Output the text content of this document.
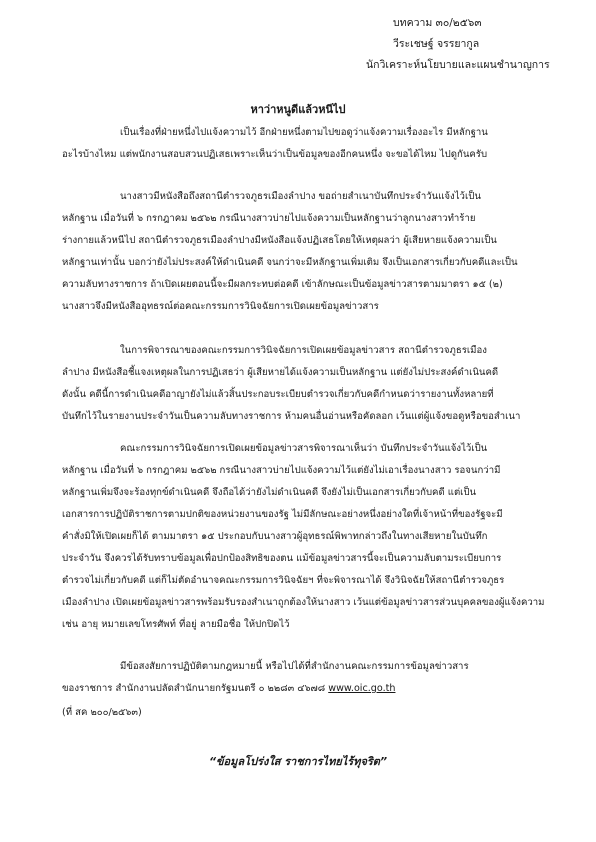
บทความ ๓๐/๒๕๖๓
วีระเชษฐ์ จรรยากูล
นักวิเคราะห์นโยบายและแผนชำนาญการ
หาว่าหนูดีแล้วหนีไป
เป็นเรื่องที่ฝ่ายหนึ่งไปแจ้งความไว้ อีกฝ่ายหนึ่งตามไปขอดูว่าแจ้งความเรื่องอะไร มีหลักฐาน
อะไรบ้างไหม แต่พนักงานสอบสวนปฏิเสธเพราะเห็นว่าเป็นข้อมูลของอีกคนหนึ่ง จะขอได้ไหม ไปดูกันครับ
นางสาวมีหนังสือถึงสถานีตำรวจภูธรเมืองลำปาง ขอถ่ายสำเนาบันทึกประจำวันแจ้งไว้เป็น
หลักฐาน เมื่อวันที่ ๖ กรกฎาคม ๒๕๖๒ กรณีนางสาวบ่ายไปแจ้งความเป็นหลักฐานว่าลูกนางสาวทำร้าย
ร่างกายแล้วหนีไป สถานีตำรวจภูธรเมืองลำปางมีหนังสือแจ้งปฏิเสธโดยให้เหตุผลว่า ผู้เสียหายแจ้งความเป็น
หลักฐานเท่านั้น บอกว่ายังไม่ประสงค์ให้ดำเนินคดี จนกว่าจะมีหลักฐานเพิ่มเติม จึงเป็นเอกสารเกี่ยวกับคดีและเป็น
ความลับทางราชการ ถ้าเปิดเผยตอนนี้จะมีผลกระทบต่อคดี เข้าลักษณะเป็นข้อมูลข่าวสารตามมาตรา ๑๕ (๒)
นางสาวจึงมีหนังสืออุทธรณ์ต่อคณะกรรมการวินิจฉัยการเปิดเผยข้อมูลข่าวสาร
ในการพิจารณาของคณะกรรมการวินิจฉัยการเปิดเผยข้อมูลข่าวสาร สถานีตำรวจภูธรเมือง
ลำปาง มีหนังสือชี้แจงเหตุผลในการปฏิเสธว่า ผู้เสียหายได้แจ้งความเป็นหลักฐาน แต่ยังไม่ประสงค์ดำเนินคดี
ดังนั้น คดีนี้การดำเนินคดีอาญายังไม่แล้วสิ้นประกอบระเบียบตำรวจเกี่ยวกับคดีกำหนดว่ารายงานทั้งหลายที่
บันทึกไว้ในรายงานประจำวันเป็นความลับทางราชการ ห้ามคนอื่นอ่านหรือคัดลอก เว้นแต่ผู้แจ้งขอดูหรือขอสำเนา
คณะกรรมการวินิจฉัยการเปิดเผยข้อมูลข่าวสารพิจารณาเห็นว่า บันทึกประจำวันแจ้งไว้เป็น
หลักฐาน เมื่อวันที่ ๖ กรกฎาคม ๒๕๖๒ กรณีนางสาวบ่ายไปแจ้งความไว้แต่ยังไม่เอาเรื่องนางสาว รอจนกว่ามี
หลักฐานเพิ่มจึงจะร้องทุกข์ดำเนินคดี จึงถือได้ว่ายังไม่ดำเนินคดี จึงยังไม่เป็นเอกสารเกี่ยวกับคดี แต่เป็น
เอกสารการปฏิบัติราชการตามปกติของหน่วยงานของรัฐ ไม่มีลักษณะอย่างหนึ่งอย่างใดที่เจ้าหน้าที่ของรัฐจะมี
คำสั่งมิให้เปิดเผยก็ได้ ตามมาตรา ๑๕ ประกอบกับนางสาวผู้อุทธรณ์พิพาทกล่าวถึงในทางเสียหายในบันทึก
ประจำวัน จึงควรได้รับทราบข้อมูลเพื่อปกป้องสิทธิของตน แม้ข้อมูลข่าวสารนี้จะเป็นความลับตามระเบียบการ
ตำรวจไม่เกี่ยวกับคดี แต่ก็ไม่ตัดอำนาจคณะกรรมการวินิจฉัยฯ ที่จะพิจารณาได้ จึงวินิจฉัยให้สถานีตำรวจภูธร
เมืองลำปาง เปิดเผยข้อมูลข่าวสารพร้อมรับรองสำเนาถูกต้องให้นางสาว เว้นแต่ข้อมูลข่าวสารส่วนบุคคลของผู้แจ้งความ
เช่น อายุ หมายเลขโทรศัพท์ ที่อยู่ ลายมือชื่อ ให้ปกปิดไว้
มีข้อสงสัยการปฏิบัติตามกฎหมายนี้ หรือไปได้ที่สำนักงานคณะกรรมการข้อมูลข่าวสาร
ของราชการ สำนักงานปลัดสำนักนายกรัฐมนตรี ๐ ๒๒๘๓ ๔๖๗๘ www.oic.go.th
(ที่ สค ๒๐๐/๒๕๖๓)
“ข้อมูลโปร่งใส ราชการไทยไร้ทุจริต”
